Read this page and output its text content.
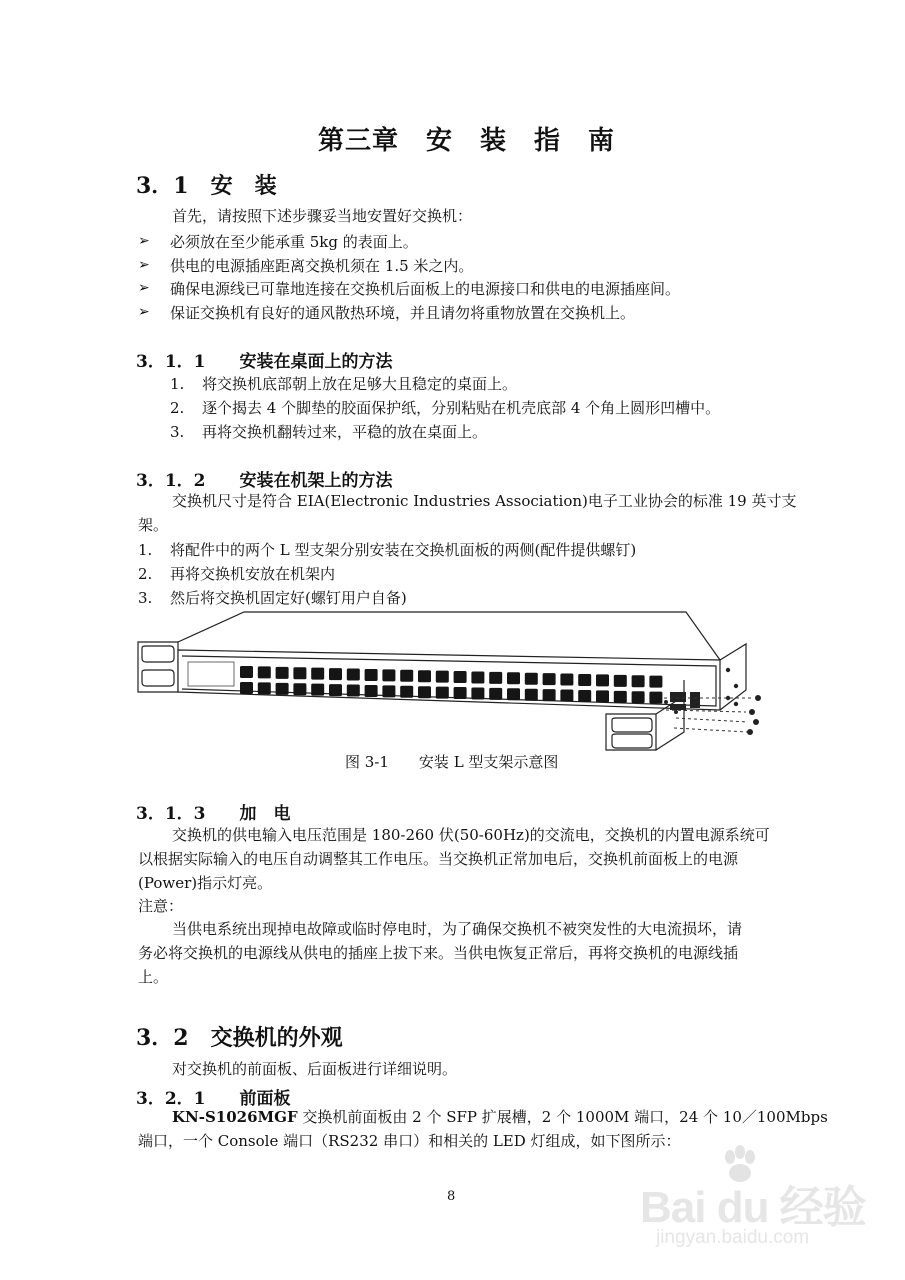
第三章　安　装　指　南
3．1　安　装
首先，请按照下述步骤妥当地安置好交换机：
➢ 必须放在至少能承重 5kg 的表面上。
➢ 供电的电源插座距离交换机须在 1.5 米之内。
➢ 确保电源线已可靠地连接在交换机后面板上的电源接口和供电的电源插座间。
➢ 保证交换机有良好的通风散热环境，并且请勿将重物放置在交换机上。
3．1．1　　安装在桌面上的方法
1. 将交换机底部朝上放在足够大且稳定的桌面上。
2. 逐个揭去 4 个脚垫的胶面保护纸，分别粘贴在机壳底部 4 个角上圆形凹槽中。
3. 再将交换机翻转过来，平稳的放在桌面上。
3．1．2　　安装在机架上的方法
交换机尺寸是符合 EIA(Electronic Industries Association)电子工业协会的标准 19 英寸支
架。
1. 将配件中的两个 L 型支架分别安装在交换机面板的两侧(配件提供螺钉)
2. 再将交换机安放在机架内
3. 然后将交换机固定好(螺钉用户自备)
图 3-1　　安装 L 型支架示意图
3．1．3　　加　电
交换机的供电输入电压范围是 180-260 伏(50-60Hz)的交流电，交换机的内置电源系统可
以根据实际输入的电压自动调整其工作电压。当交换机正常加电后，交换机前面板上的电源
(Power)指示灯亮。
注意：
当供电系统出现掉电故障或临时停电时，为了确保交换机不被突发性的大电流损坏，请
务必将交换机的电源线从供电的插座上拔下来。当供电恢复正常后，再将交换机的电源线插
上。
3．2　交换机的外观
对交换机的前面板、后面板进行详细说明。
3．2．1　　前面板
KN-S1026MGF 交换机前面板由 2 个 SFP 扩展槽，2 个 1000M 端口，24 个 10／100Mbps
端口，一个 Console 端口（RS232 串口）和相关的 LED 灯组成，如下图所示：
8	Bai du 经验
jingyan.baidu.com
